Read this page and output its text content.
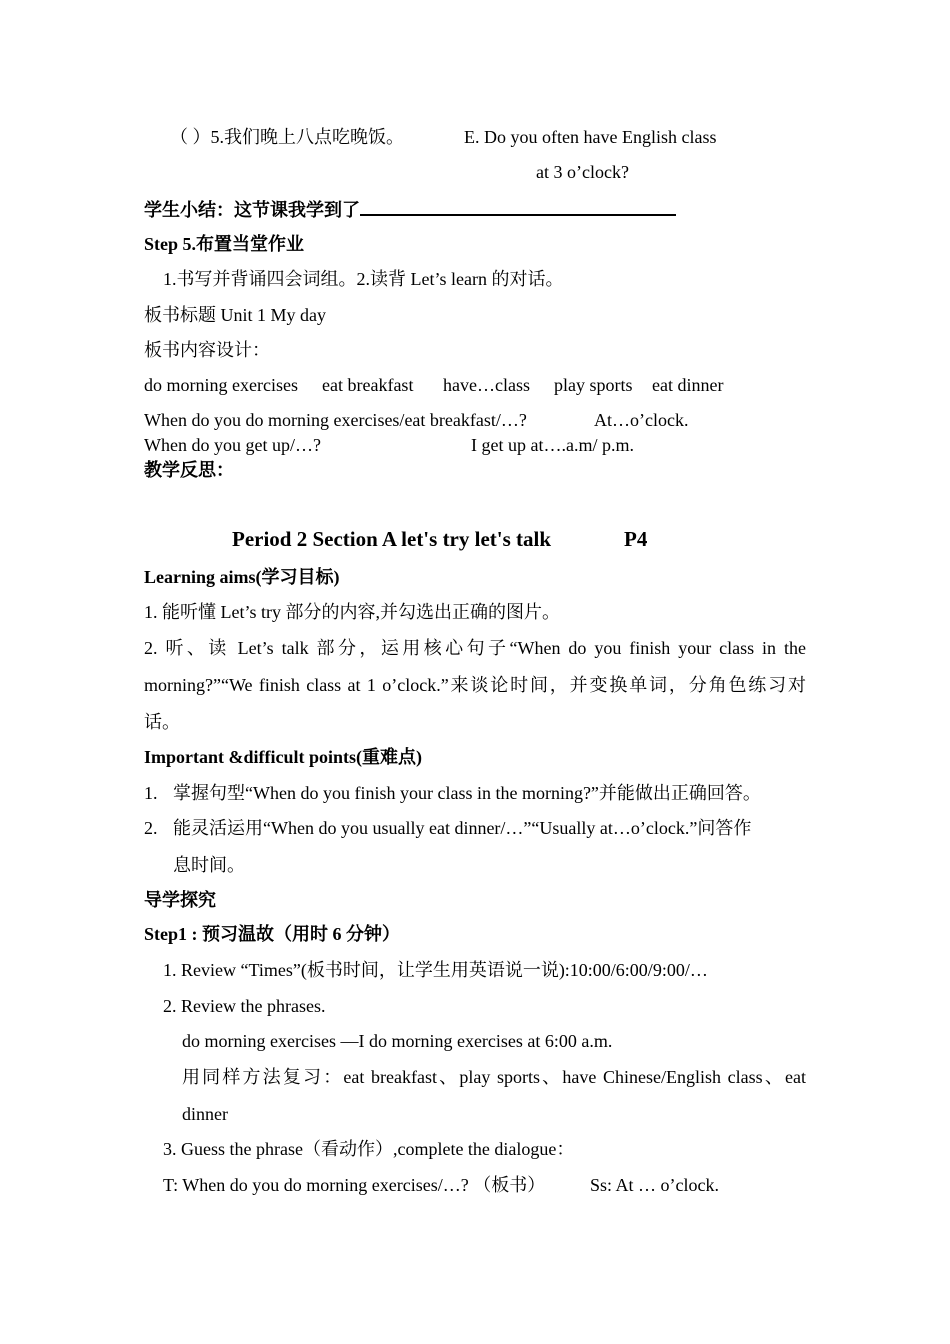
（ ）5.我们晚上八点吃晚饭。	E. Do you often have English class
at 3 o’clock?
学生小结：这节课我学到了
Step 5.布置当堂作业
1.书写并背诵四会词组。2.读背 Let’s learn 的对话。
板书标题 Unit 1 My day
板书内容设计：
do morning exercises eat breakfast have…class play sports eat dinner
When do you do morning exercises/eat breakfast/…?	At…o’clock.
When do you get up/…?	I get up at….a.m/ p.m.
教学反思：
Period 2 Section A let's try let's talk	P4
Learning aims(学习目标)
1. 能听懂 Let’s try 部分的内容,并勾选出正确的图片。
2. 听、读 Let’s talk 部分，运用核心句子“When do you finish your class in the
morning?”“We finish class at 1 o’clock.”来谈论时间，并变换单词，分角色练习对
话。
Important &difficult points(重难点)
1. 掌握句型“When do you finish your class in the morning?”并能做出正确回答。
2. 能灵活运用“When do you usually eat dinner/…”“Usually at…o’clock.”问答作
息时间。
导学探究
Step1 : 预习温故（用时 6 分钟）
1. Review “Times”(板书时间，让学生用英语说一说):10:00/6:00/9:00/…
2. Review the phrases.
do morning exercises —I do morning exercises at 6:00 a.m.
用同样方法复习：eat breakfast、play sports、have Chinese/English class、eat
dinner
3. Guess the phrase（看动作）,complete the dialogue：
T: When do you do morning exercises/…? （板书） Ss: At … o’clock.
